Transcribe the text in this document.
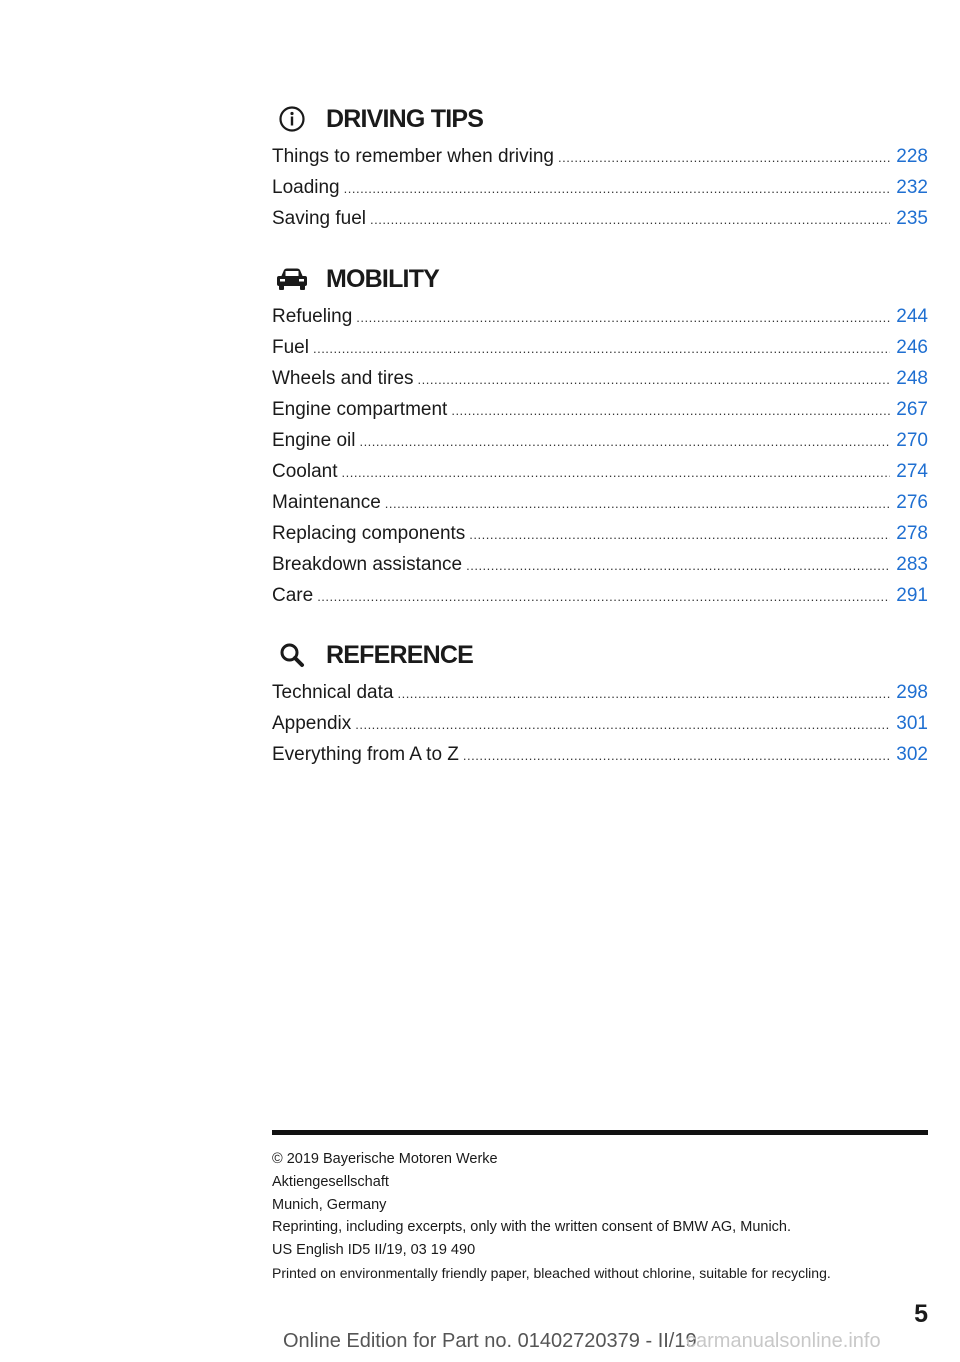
DRIVING TIPS
Things to remember when driving .....	228
Loading .....	232
Saving fuel .....	235
MOBILITY
Refueling .....	244
Fuel .....	246
Wheels and tires .....	248
Engine compartment .....	267
Engine oil .....	270
Coolant .....	274
Maintenance .....	276
Replacing components .....	278
Breakdown assistance .....	283
Care .....	291
REFERENCE
Technical data .....	298
Appendix .....	301
Everything from A to Z .....	302
© 2019 Bayerische Motoren Werke
Aktiengesellschaft
Munich, Germany
Reprinting, including excerpts, only with the written consent of BMW AG, Munich.
US English ID5 II/19, 03 19 490
Printed on environmentally friendly paper, bleached without chlorine, suitable for recycling.
5
Online Edition for Part no. 01402720379 - II/19
carmanualsonline.info
